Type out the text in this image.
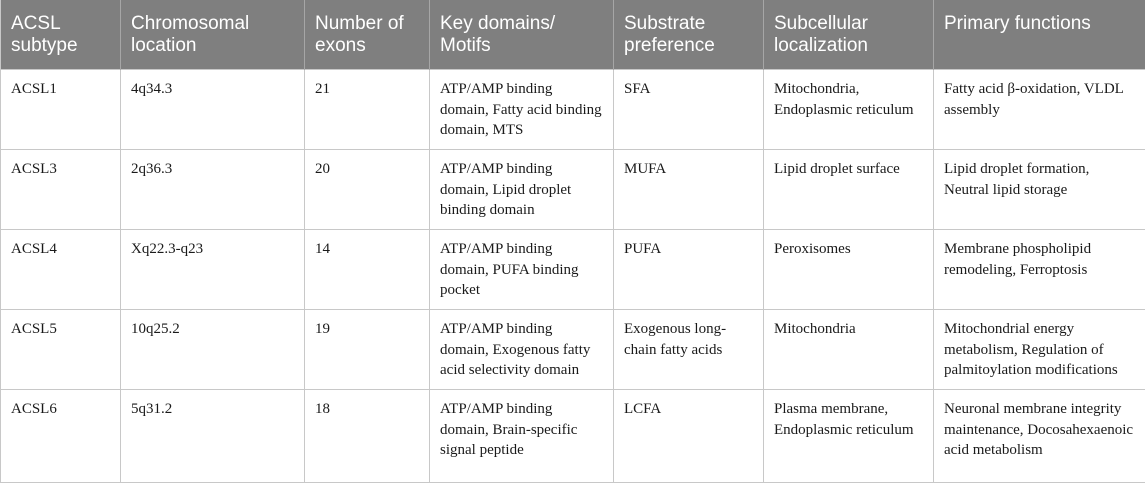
ACSL subtype	Chromosomal location	Number of exons	Key domains/ Motifs	Substrate preference	Subcellular localization	Primary functions
ACSL1	4q34.3	21	ATP/AMP binding domain, Fatty acid binding domain, MTS	SFA	Mitochondria, Endoplasmic reticulum	Fatty acid β-oxidation, VLDL assembly
ACSL3	2q36.3	20	ATP/AMP binding domain, Lipid droplet binding domain	MUFA	Lipid droplet surface	Lipid droplet formation, Neutral lipid storage
ACSL4	Xq22.3-q23	14	ATP/AMP binding domain, PUFA binding pocket	PUFA	Peroxisomes	Membrane phospholipid remodeling, Ferroptosis
ACSL5	10q25.2	19	ATP/AMP binding domain, Exogenous fatty acid selectivity domain	Exogenous long-chain fatty acids	Mitochondria	Mitochondrial energy metabolism, Regulation of palmitoylation modifications
ACSL6	5q31.2	18	ATP/AMP binding domain, Brain-specific signal peptide	LCFA	Plasma membrane, Endoplasmic reticulum	Neuronal membrane integrity maintenance, Docosahexaenoic acid metabolism
